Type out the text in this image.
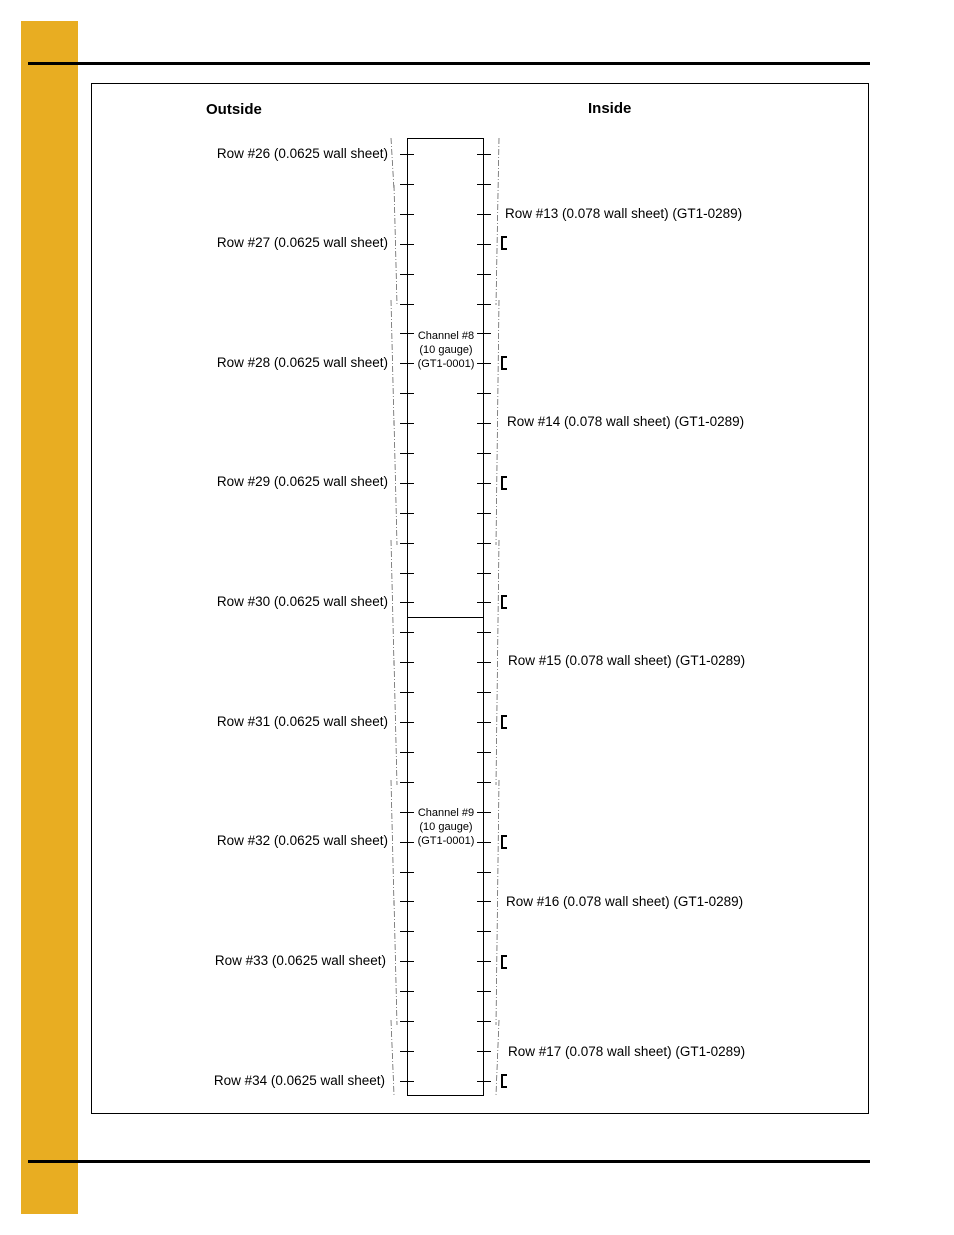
Outside	Inside
Row #26 (0.0625 wall sheet)
Row #27 (0.0625 wall sheet)
Row #28 (0.0625 wall sheet)
Row #29 (0.0625 wall sheet)
Row #30 (0.0625 wall sheet)
Row #31 (0.0625 wall sheet)
Row #32 (0.0625 wall sheet)
Row #33 (0.0625 wall sheet)
Row #34 (0.0625 wall sheet)
Row #13 (0.078 wall sheet) (GT1-0289)
Row #14 (0.078 wall sheet) (GT1-0289)
Row #15 (0.078 wall sheet) (GT1-0289)
Row #16 (0.078 wall sheet) (GT1-0289)
Row #17 (0.078 wall sheet) (GT1-0289)
Channel #8
(10 gauge)
(GT1-0001)
Channel #9
(10 gauge)
(GT1-0001)
